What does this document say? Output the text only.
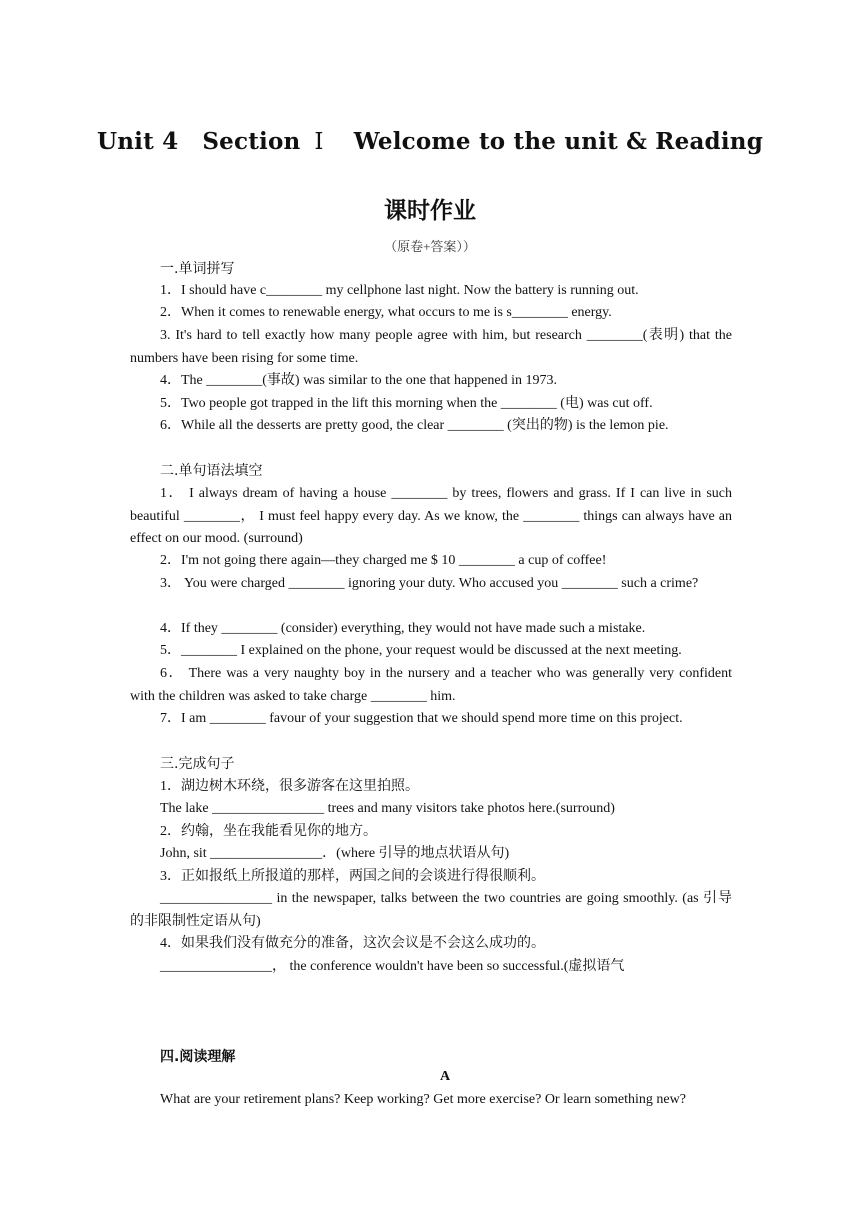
Unit 4 Section Ⅰ Welcome to the unit & Reading
课时作业
（原卷+答案））
一.单词拼写
1．I should have c________ my cellphone last night. Now the battery is running out.
2．When it comes to renewable energy, what occurs to me is s________ energy.
3. It's hard to tell exactly how many people agree with him, but research ________(表明) that the numbers have been rising for some time.
4．The ________(事故) was similar to the one that happened in 1973.
5．Two people got trapped in the lift this morning when the ________ (电) was cut off.
6．While all the desserts are pretty good, the clear ________ (突出的物) is the lemon pie.
二.单句语法填空
1． I always dream of having a house ________ by trees, flowers and grass. If I can live in such beautiful ________， I must feel happy every day. As we know, the ________ things can always have an effect on our mood. (surround)
2．I'm not going there again—they charged me $ 10 ________ a cup of coffee!
3． You were charged ________ ignoring your duty. Who accused you ________ such a crime?
4．If they ________ (consider) everything, they would not have made such a mistake.
5．________ I explained on the phone, your request would be discussed at the next meeting.
6． There was a very naughty boy in the nursery and a teacher who was generally very confident with the children was asked to take charge ________ him.
7．I am ________ favour of your suggestion that we should spend more time on this project.
三.完成句子
1．湖边树木环绕，很多游客在这里拍照。
The lake ________________ trees and many visitors take photos here.(surround)
2．约翰，坐在我能看见你的地方。
John, sit ________________．(where 引导的地点状语从句)
3．正如报纸上所报道的那样，两国之间的会谈进行得很顺利。
________________ in the newspaper, talks between the two countries are going smoothly. (as 引导的非限制性定语从句)
4．如果我们没有做充分的准备，这次会议是不会这么成功的。
________________， the conference wouldn't have been so successful.(虚拟语气
四.阅读理解
A
What are your retirement plans? Keep working? Get more exercise? Or learn something new?
